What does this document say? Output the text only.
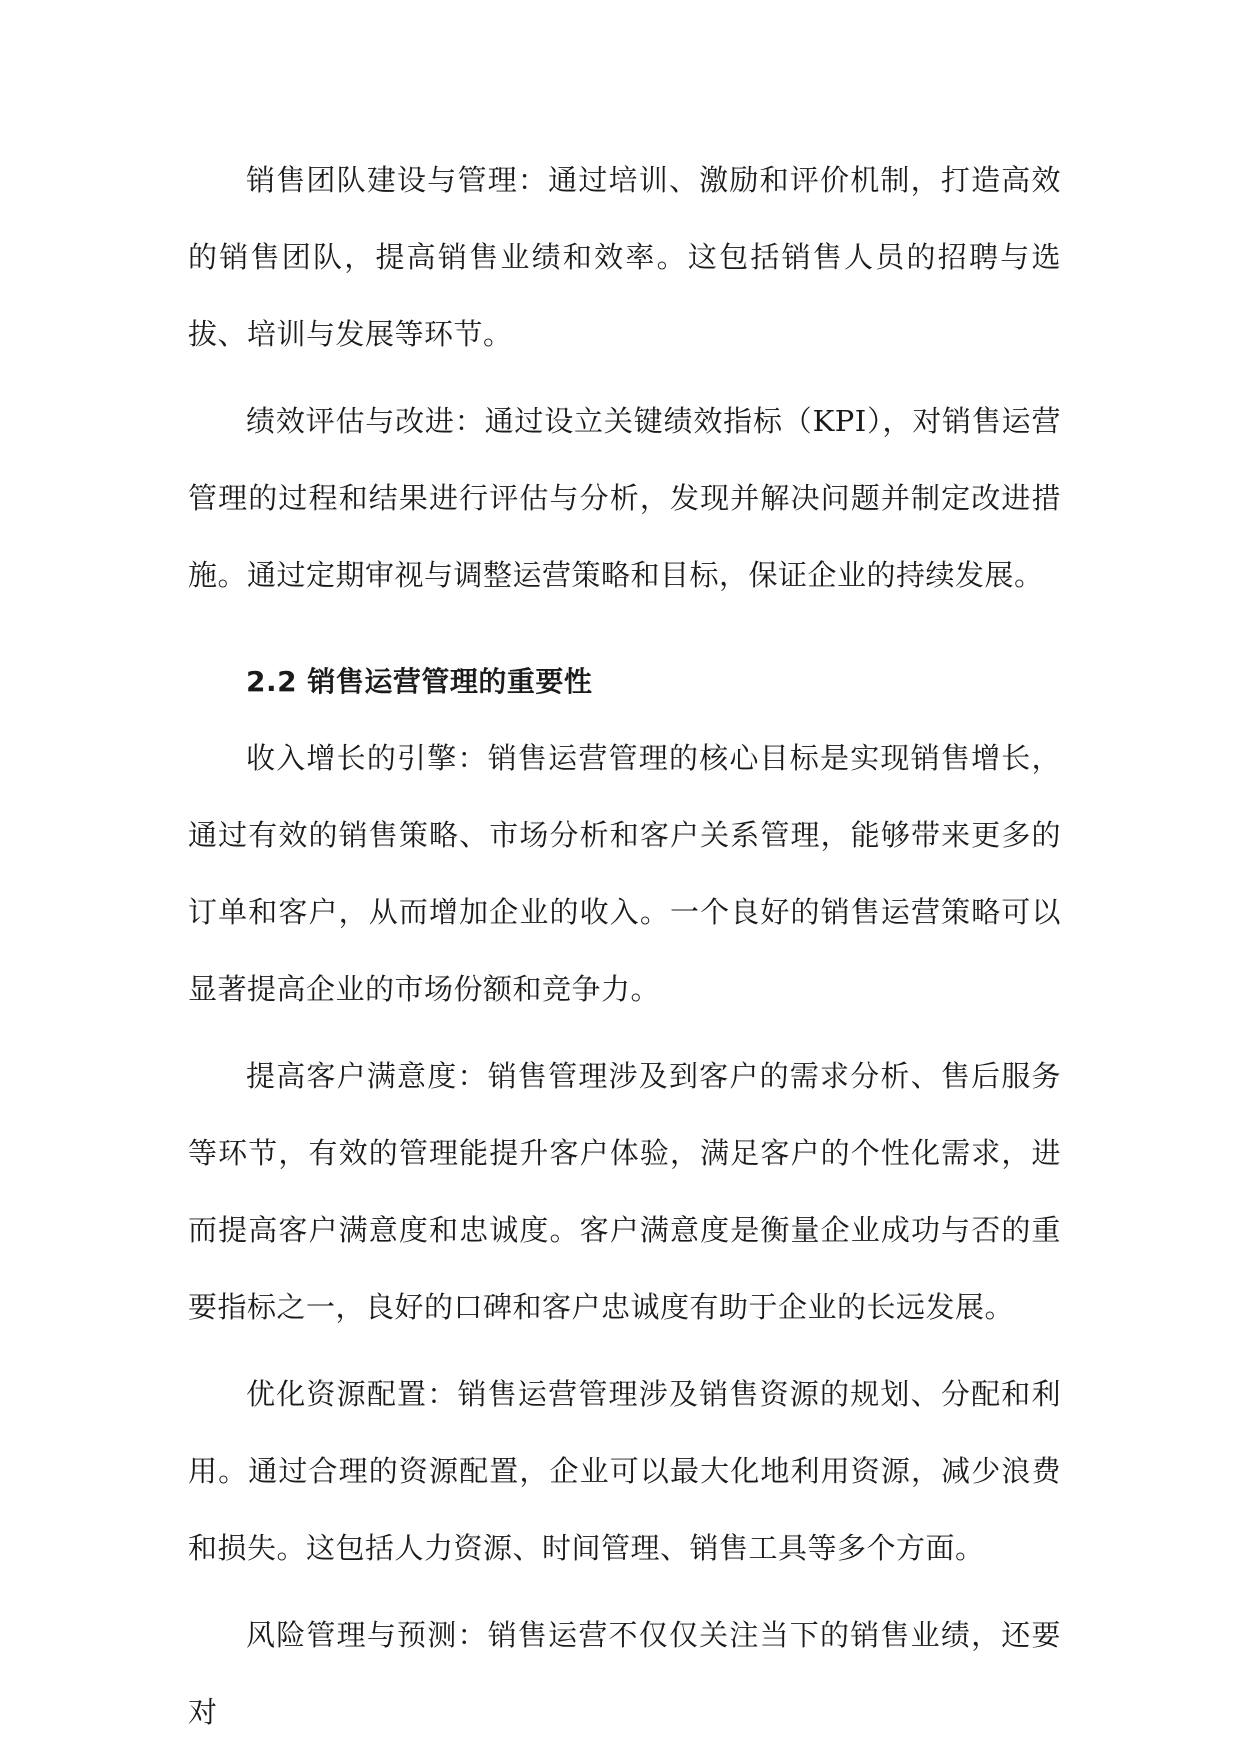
销售团队建设与管理：通过培训、激励和评价机制，打造高效的销售团队，提高销售业绩和效率。这包括销售人员的招聘与选拔、培训与发展等环节。

绩效评估与改进：通过设立关键绩效指标（KPI），对销售运营管理的过程和结果进行评估与分析，发现并解决问题并制定改进措施。通过定期审视与调整运营策略和目标，保证企业的持续发展。

2.2 销售运营管理的重要性

收入增长的引擎：销售运营管理的核心目标是实现销售增长，通过有效的销售策略、市场分析和客户关系管理，能够带来更多的订单和客户，从而增加企业的收入。一个良好的销售运营策略可以显著提高企业的市场份额和竞争力。

提高客户满意度：销售管理涉及到客户的需求分析、售后服务等环节，有效的管理能提升客户体验，满足客户的个性化需求，进而提高客户满意度和忠诚度。客户满意度是衡量企业成功与否的重要指标之一，良好的口碑和客户忠诚度有助于企业的长远发展。

优化资源配置：销售运营管理涉及销售资源的规划、分配和利用。通过合理的资源配置，企业可以最大化地利用资源，减少浪费和损失。这包括人力资源、时间管理、销售工具等多个方面。

风险管理与预测：销售运营不仅仅关注当下的销售业绩，还要对
